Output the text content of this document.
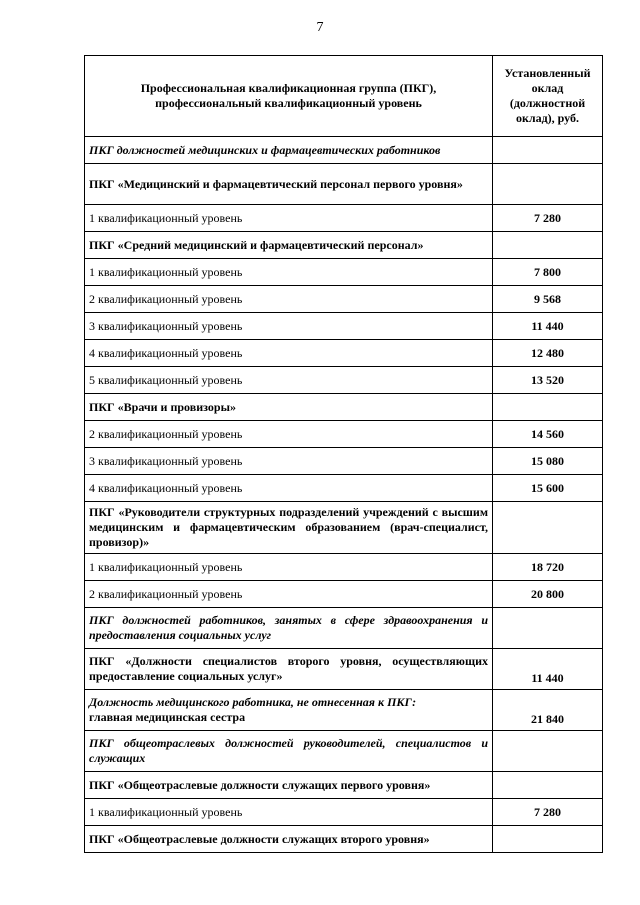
7
Профессиональная квалификационная группа (ПКГ), профессиональный квалификационный уровень	Установленный оклад (должностной оклад), руб.
ПКГ должностей медицинских и фармацевтических работников	
ПКГ «Медицинский и фармацевтический персонал первого уровня»	
1 квалификационный уровень	7 280
ПКГ «Средний медицинский и фармацевтический персонал»	
1 квалификационный уровень	7 800
2 квалификационный уровень	9 568
3 квалификационный уровень	11 440
4 квалификационный уровень	12 480
5 квалификационный уровень	13 520
ПКГ «Врачи и провизоры»	
2 квалификационный уровень	14 560
3 квалификационный уровень	15 080
4 квалификационный уровень	15 600
ПКГ «Руководители структурных подразделений учреждений с высшим медицинским и фармацевтическим образованием (врач-специалист, провизор)»	
1 квалификационный уровень	18 720
2 квалификационный уровень	20 800
ПКГ должностей работников, занятых в сфере здравоохранения и предоставления социальных услуг	
ПКГ «Должности специалистов второго уровня, осуществляющих предоставление социальных услуг»	11 440
Должность медицинского работника, не отнесенная к ПКГ:
главная медицинская сестра	21 840
ПКГ общеотраслевых должностей руководителей, специалистов и служащих	
ПКГ «Общеотраслевые должности служащих первого уровня»	
1 квалификационный уровень	7 280
ПКГ «Общеотраслевые должности служащих второго уровня»	
